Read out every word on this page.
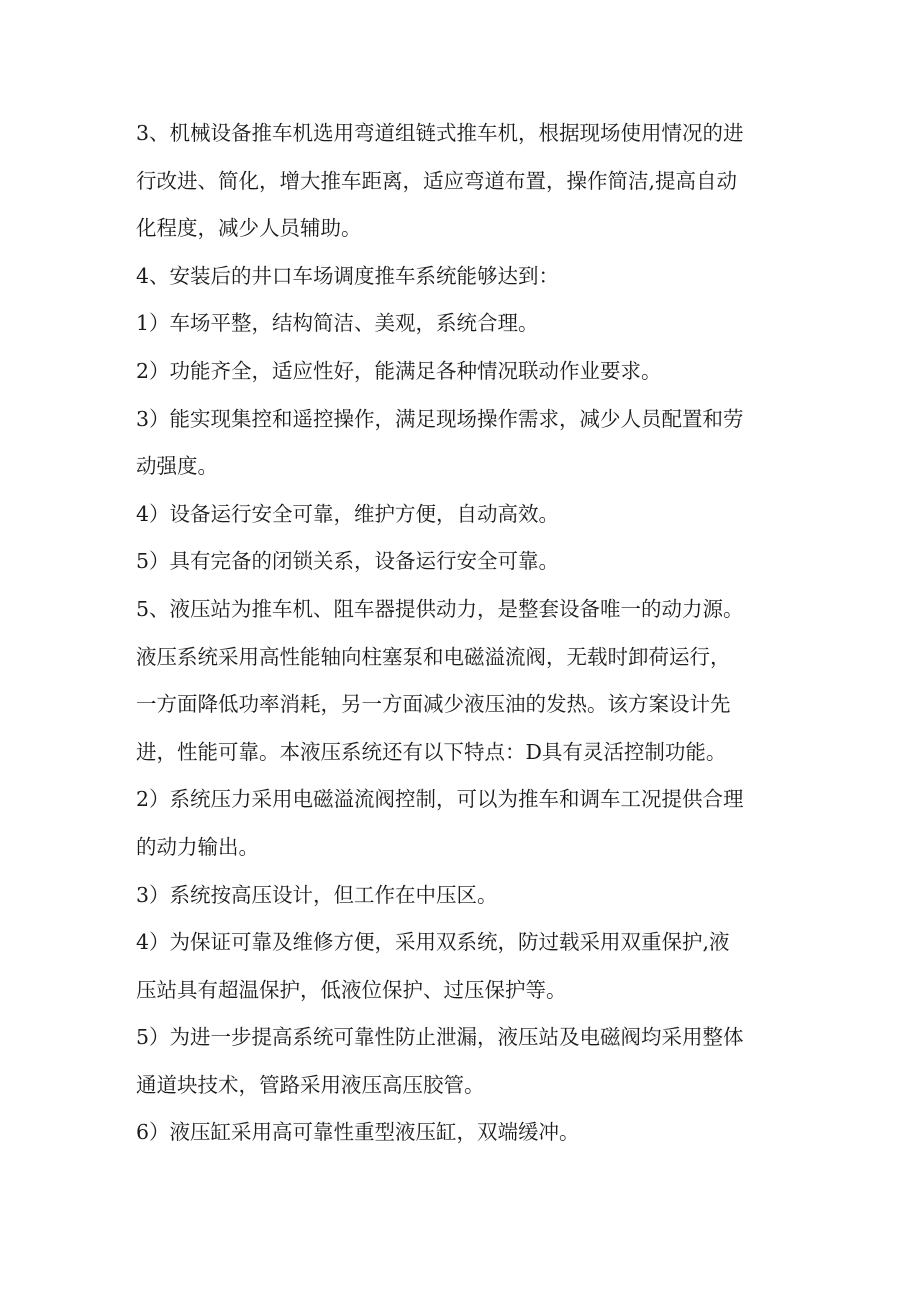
3、机械设备推车机选用弯道组链式推车机，根据现场使用情况的进
行改进、简化，增大推车距离，适应弯道布置，操作简洁,提高自动
化程度，减少人员辅助。

4、安装后的井口车场调度推车系统能够达到：

1）车场平整，结构简洁、美观，系统合理。

2）功能齐全，适应性好，能满足各种情况联动作业要求。

3）能实现集控和遥控操作，满足现场操作需求，减少人员配置和劳
动强度。

4）设备运行安全可靠，维护方便，自动高效。

5）具有完备的闭锁关系，设备运行安全可靠。

5、液压站为推车机、阻车器提供动力，是整套设备唯一的动力源。
液压系统采用高性能轴向柱塞泵和电磁溢流阀，无载时卸荷运行，
一方面降低功率消耗，另一方面减少液压油的发热。该方案设计先
进，性能可靠。本液压系统还有以下特点：D具有灵活控制功能。

2）系统压力采用电磁溢流阀控制，可以为推车和调车工况提供合理
的动力输出。

3）系统按高压设计，但工作在中压区。

4）为保证可靠及维修方便，采用双系统，防过载采用双重保护,液
压站具有超温保护，低液位保护、过压保护等。

5）为进一步提高系统可靠性防止泄漏，液压站及电磁阀均采用整体
通道块技术，管路采用液压高压胶管。

6）液压缸采用高可靠性重型液压缸，双端缓冲。
